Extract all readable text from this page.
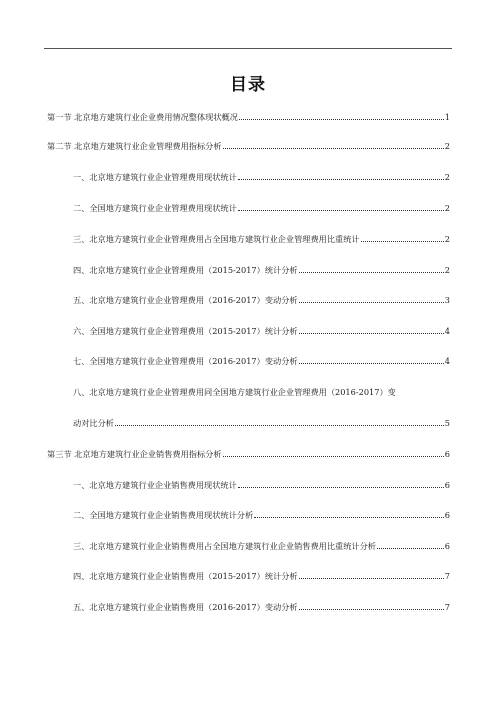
目录
第一节 北京地方建筑行业企业费用情况整体现状概况	1
第二节 北京地方建筑行业企业管理费用指标分析	2
一、北京地方建筑行业企业管理费用现状统计	2
二、全国地方建筑行业企业管理费用现状统计	2
三、北京地方建筑行业企业管理费用占全国地方建筑行业企业管理费用比重统计	2
四、北京地方建筑行业企业管理费用（2015-2017）统计分析	2
五、北京地方建筑行业企业管理费用（2016-2017）变动分析	3
六、全国地方建筑行业企业管理费用（2015-2017）统计分析	4
七、全国地方建筑行业企业管理费用（2016-2017）变动分析	4
八、北京地方建筑行业企业管理费用同全国地方建筑行业企业管理费用（2016-2017）变
动对比分析	5
第三节 北京地方建筑行业企业销售费用指标分析	6
一、北京地方建筑行业企业销售费用现状统计	6
二、全国地方建筑行业企业销售费用现状统计分析	6
三、北京地方建筑行业企业销售费用占全国地方建筑行业企业销售费用比重统计分析	6
四、北京地方建筑行业企业销售费用（2015-2017）统计分析	7
五、北京地方建筑行业企业销售费用（2016-2017）变动分析	7
